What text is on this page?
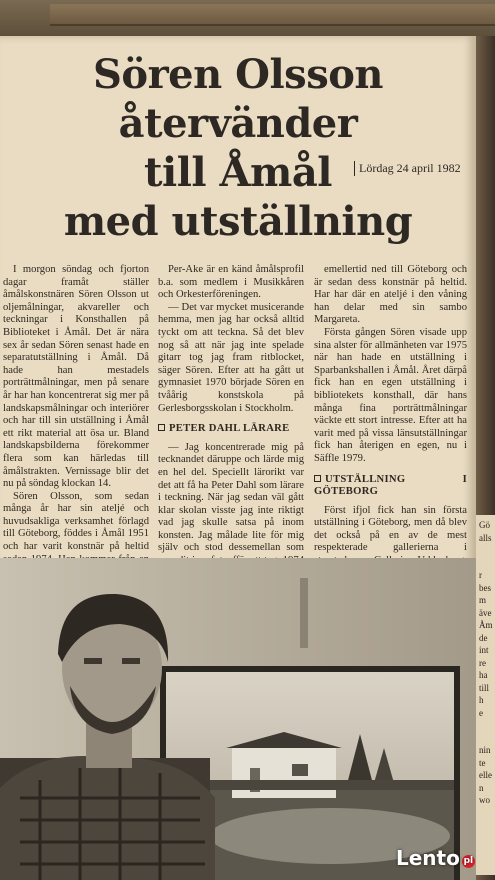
Gö
alls

r
bes
m
äve
Åm
de
int
re
ha
till
h
e

nin
te
elle
n
wo
Sören Olsson
återvänder
till Åmål
med utställning
Lördag 24 april 1982

I morgon söndag och fjorton dagar framåt ställer åmålskonstnären Sören Olsson ut oljemålningar, akvareller och teckningar i Konsthallen på Biblioteket i Åmål. Det är nära sex år sedan Sören senast hade en separatutställning i Åmål. Då hade han mestadels porträttmålningar, men på senare år har han koncentrerat sig mer på landskapsmålningar och interiörer och har till sin utställning i Åmål ett rikt material att ösa ur. Bland landskapsbilderna förekommer flera som kan härledas till åmålstrakten. Vernissage blir det nu på söndag klockan 14.

Sören Olsson, som sedan många år har sin ateljé och huvudsakliga verksamhet förlagd till Göteborg, föddes i Åmål 1951 och har varit konstnär på heltid

Per-Ake är en känd åmålsprofil b.a. som medlem i Musikkåren och Orkesterföreningen.

— Det var mycket musicerande hemma, men jag har också alltid tyckt om att teckna. Så det blev nog så att när jag inte spelade gitarr tog jag fram ritblocket, säger Sören. Efter att ha gått ut gymnasiet 1970 började Sören en tvåårig konstskola på Gerlesborgsskolan i Stockholm.

PETER DAHL LÄRARE

— Jag koncentrerade mig på tecknandet däruppe och lärde mig en hel del. Speciellt lärorikt var det att få ha Peter Dahl som lärare i teckning. När jag sedan väl gått klar skolan visste jag inte riktigt vad jag skulle satsa på inom konsten. Jag målade lite för mig själv och stod dessemellan som

emellertid ned till Göteborg och är sedan dess konstnär på heltid. Har har där en ateljé i den våning han delar med sin sambo Margareta.

Första gången Sören visade upp sina alster för allmänheten var 1975 när han hade en utställning i Sparbankshallen i Åmål. Året därpå fick han en egen utställning i bibliotekets konsthall, där hans många fina porträttmålningar väckte ett stort intresse. Efter att ha varit med på vissa länsutställningar fick han återigen en egen, nu i Säffle 1979.

UTSTÄLLNING I GÖTEBORG

Först ifjol fick han sin första utställning i Göteborg, men då blev det också på en av de mest respekterade gallerierna i

Lento pl
